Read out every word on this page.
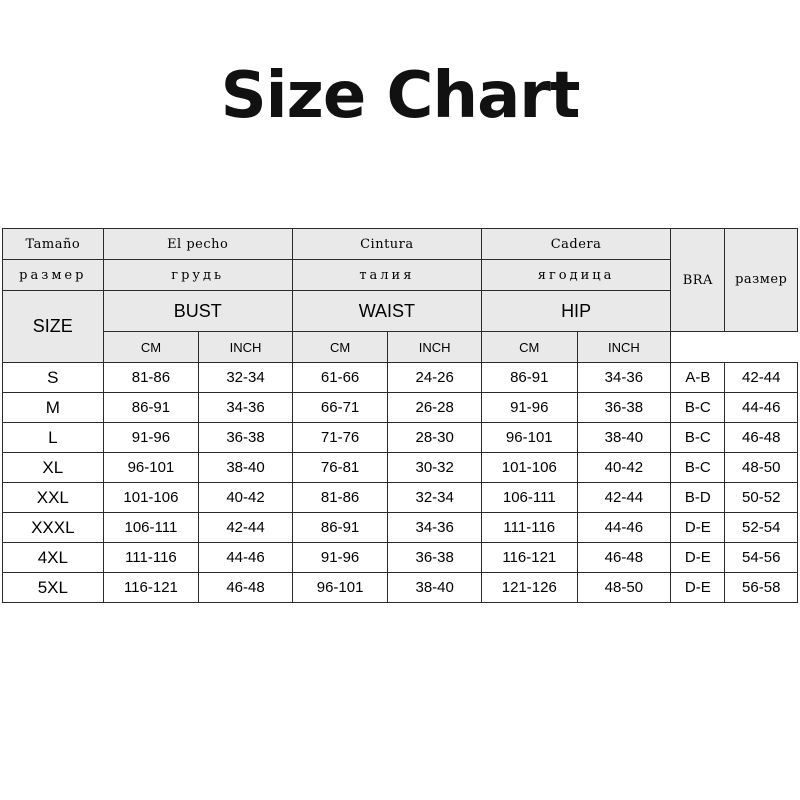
Size Chart
Tamaño	El pecho		Cintura		Cadera		BRA	размер
размер	грудь		талия		ягодица			
SIZE	BUST		WAIST		HIP			
	CM	INCH	CM	INCH	CM	INCH		
S	81-86	32-34	61-66	24-26	86-91	34-36	A-B	42-44
M	86-91	34-36	66-71	26-28	91-96	36-38	B-C	44-46
L	91-96	36-38	71-76	28-30	96-101	38-40	B-C	46-48
XL	96-101	38-40	76-81	30-32	101-106	40-42	B-C	48-50
XXL	101-106	40-42	81-86	32-34	106-111	42-44	B-D	50-52
XXXL	106-111	42-44	86-91	34-36	111-116	44-46	D-E	52-54
4XL	111-116	44-46	91-96	36-38	116-121	46-48	D-E	54-56
5XL	116-121	46-48	96-101	38-40	121-126	48-50	D-E	56-58
